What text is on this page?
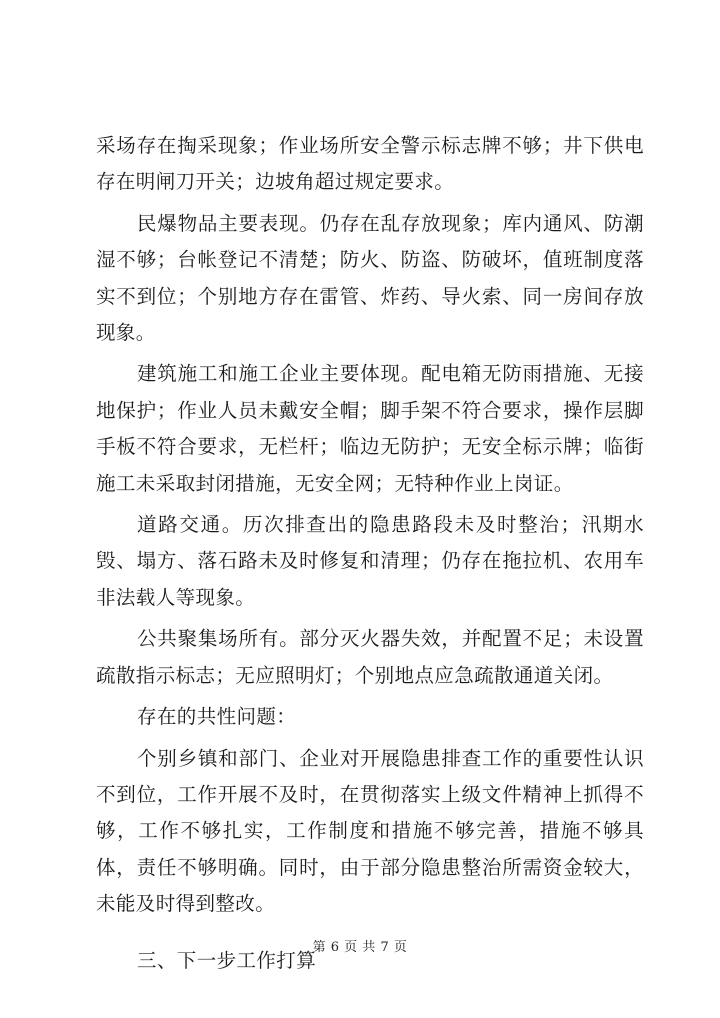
采场存在掏采现象；作业场所安全警示标志牌不够；井下供电存在明闸刀开关；边坡角超过规定要求。

民爆物品主要表现。仍存在乱存放现象；库内通风、防潮湿不够；台帐登记不清楚；防火、防盗、防破坏，值班制度落实不到位；个别地方存在雷管、炸药、导火索、同一房间存放现象。

建筑施工和施工企业主要体现。配电箱无防雨措施、无接地保护；作业人员未戴安全帽；脚手架不符合要求，操作层脚手板不符合要求，无栏杆；临边无防护；无安全标示牌；临街施工未采取封闭措施，无安全网；无特种作业上岗证。

道路交通。历次排查出的隐患路段未及时整治；汛期水毁、塌方、落石路未及时修复和清理；仍存在拖拉机、农用车非法载人等现象。

公共聚集场所有。部分灭火器失效，并配置不足；未设置疏散指示标志；无应照明灯；个别地点应急疏散通道关闭。

存在的共性问题：

个别乡镇和部门、企业对开展隐患排查工作的重要性认识不到位，工作开展不及时，在贯彻落实上级文件精神上抓得不够，工作不够扎实，工作制度和措施不够完善，措施不够具体，责任不够明确。同时，由于部分隐患整治所需资金较大，未能及时得到整改。

三、下一步工作打算

第 6 页 共 7 页
